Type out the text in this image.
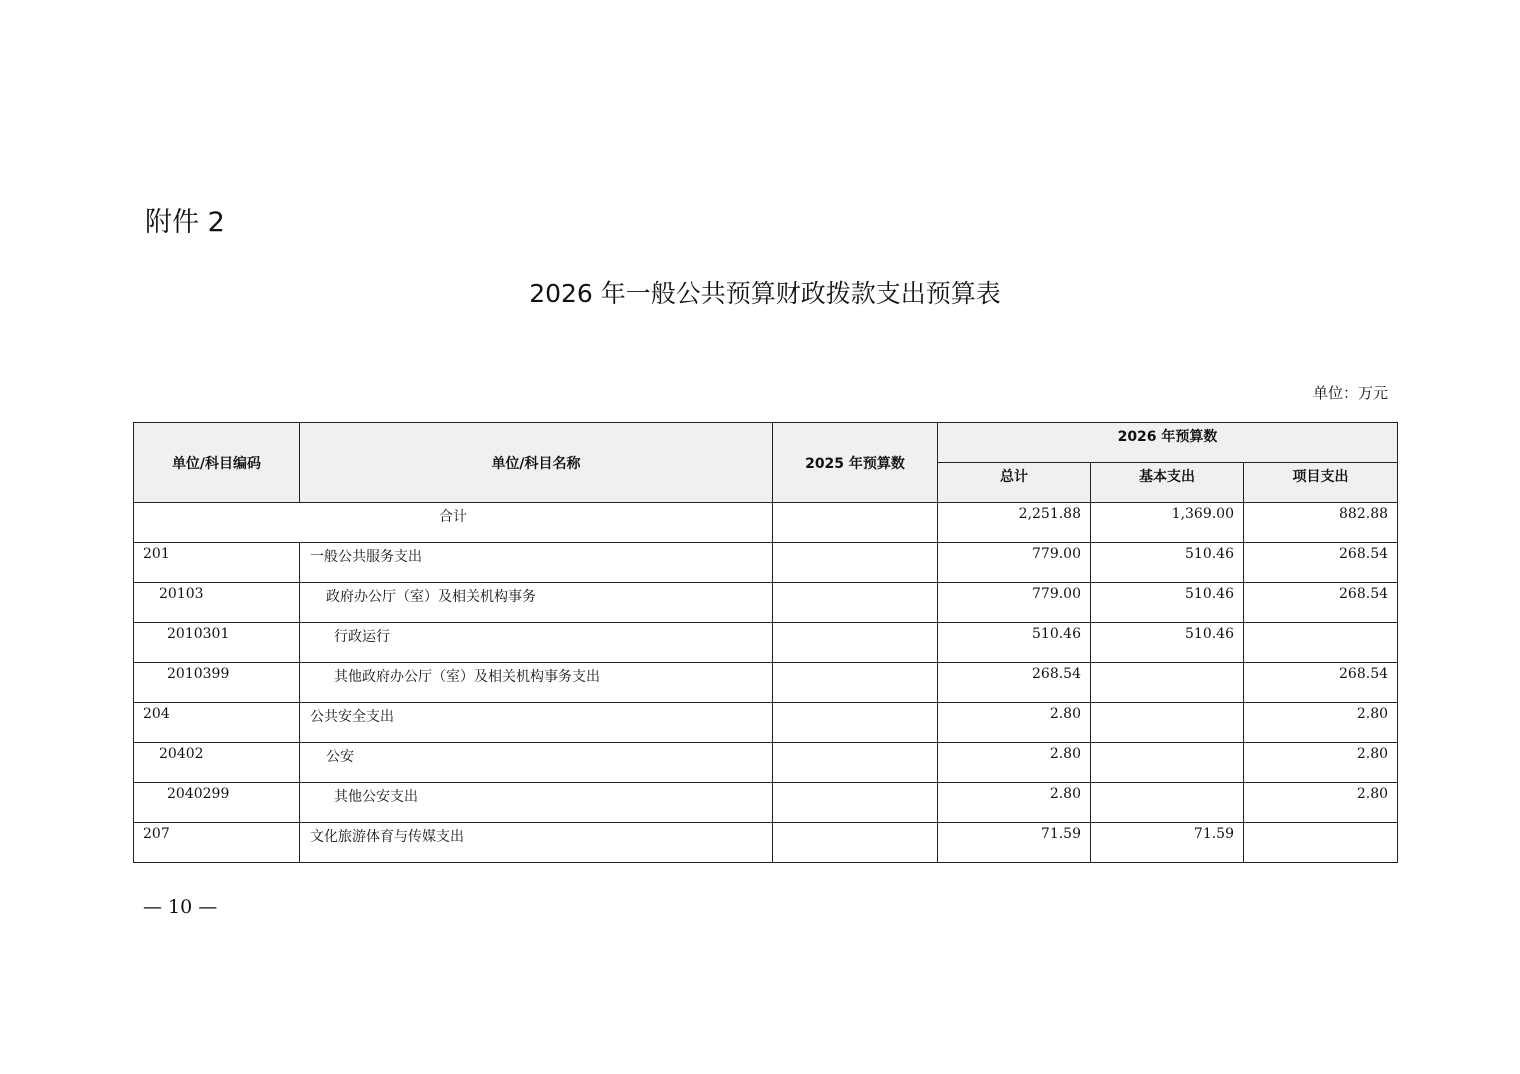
附件 2
2026 年一般公共预算财政拨款支出预算表
单位：万元
单位/科目编码	单位/科目名称	2025 年预算数	2026 年预算数		
			总计	基本支出	项目支出
合计			2,251.88	1,369.00	882.88
201	一般公共服务支出		779.00	510.46	268.54
20103	政府办公厅（室）及相关机构事务		779.00	510.46	268.54
2010301	行政运行		510.46	510.46	
2010399	其他政府办公厅（室）及相关机构事务支出		268.54		268.54
204	公共安全支出		2.80		2.80
20402	公安		2.80		2.80
2040299	其他公安支出		2.80		2.80
207	文化旅游体育与传媒支出		71.59	71.59	
— 10 —
